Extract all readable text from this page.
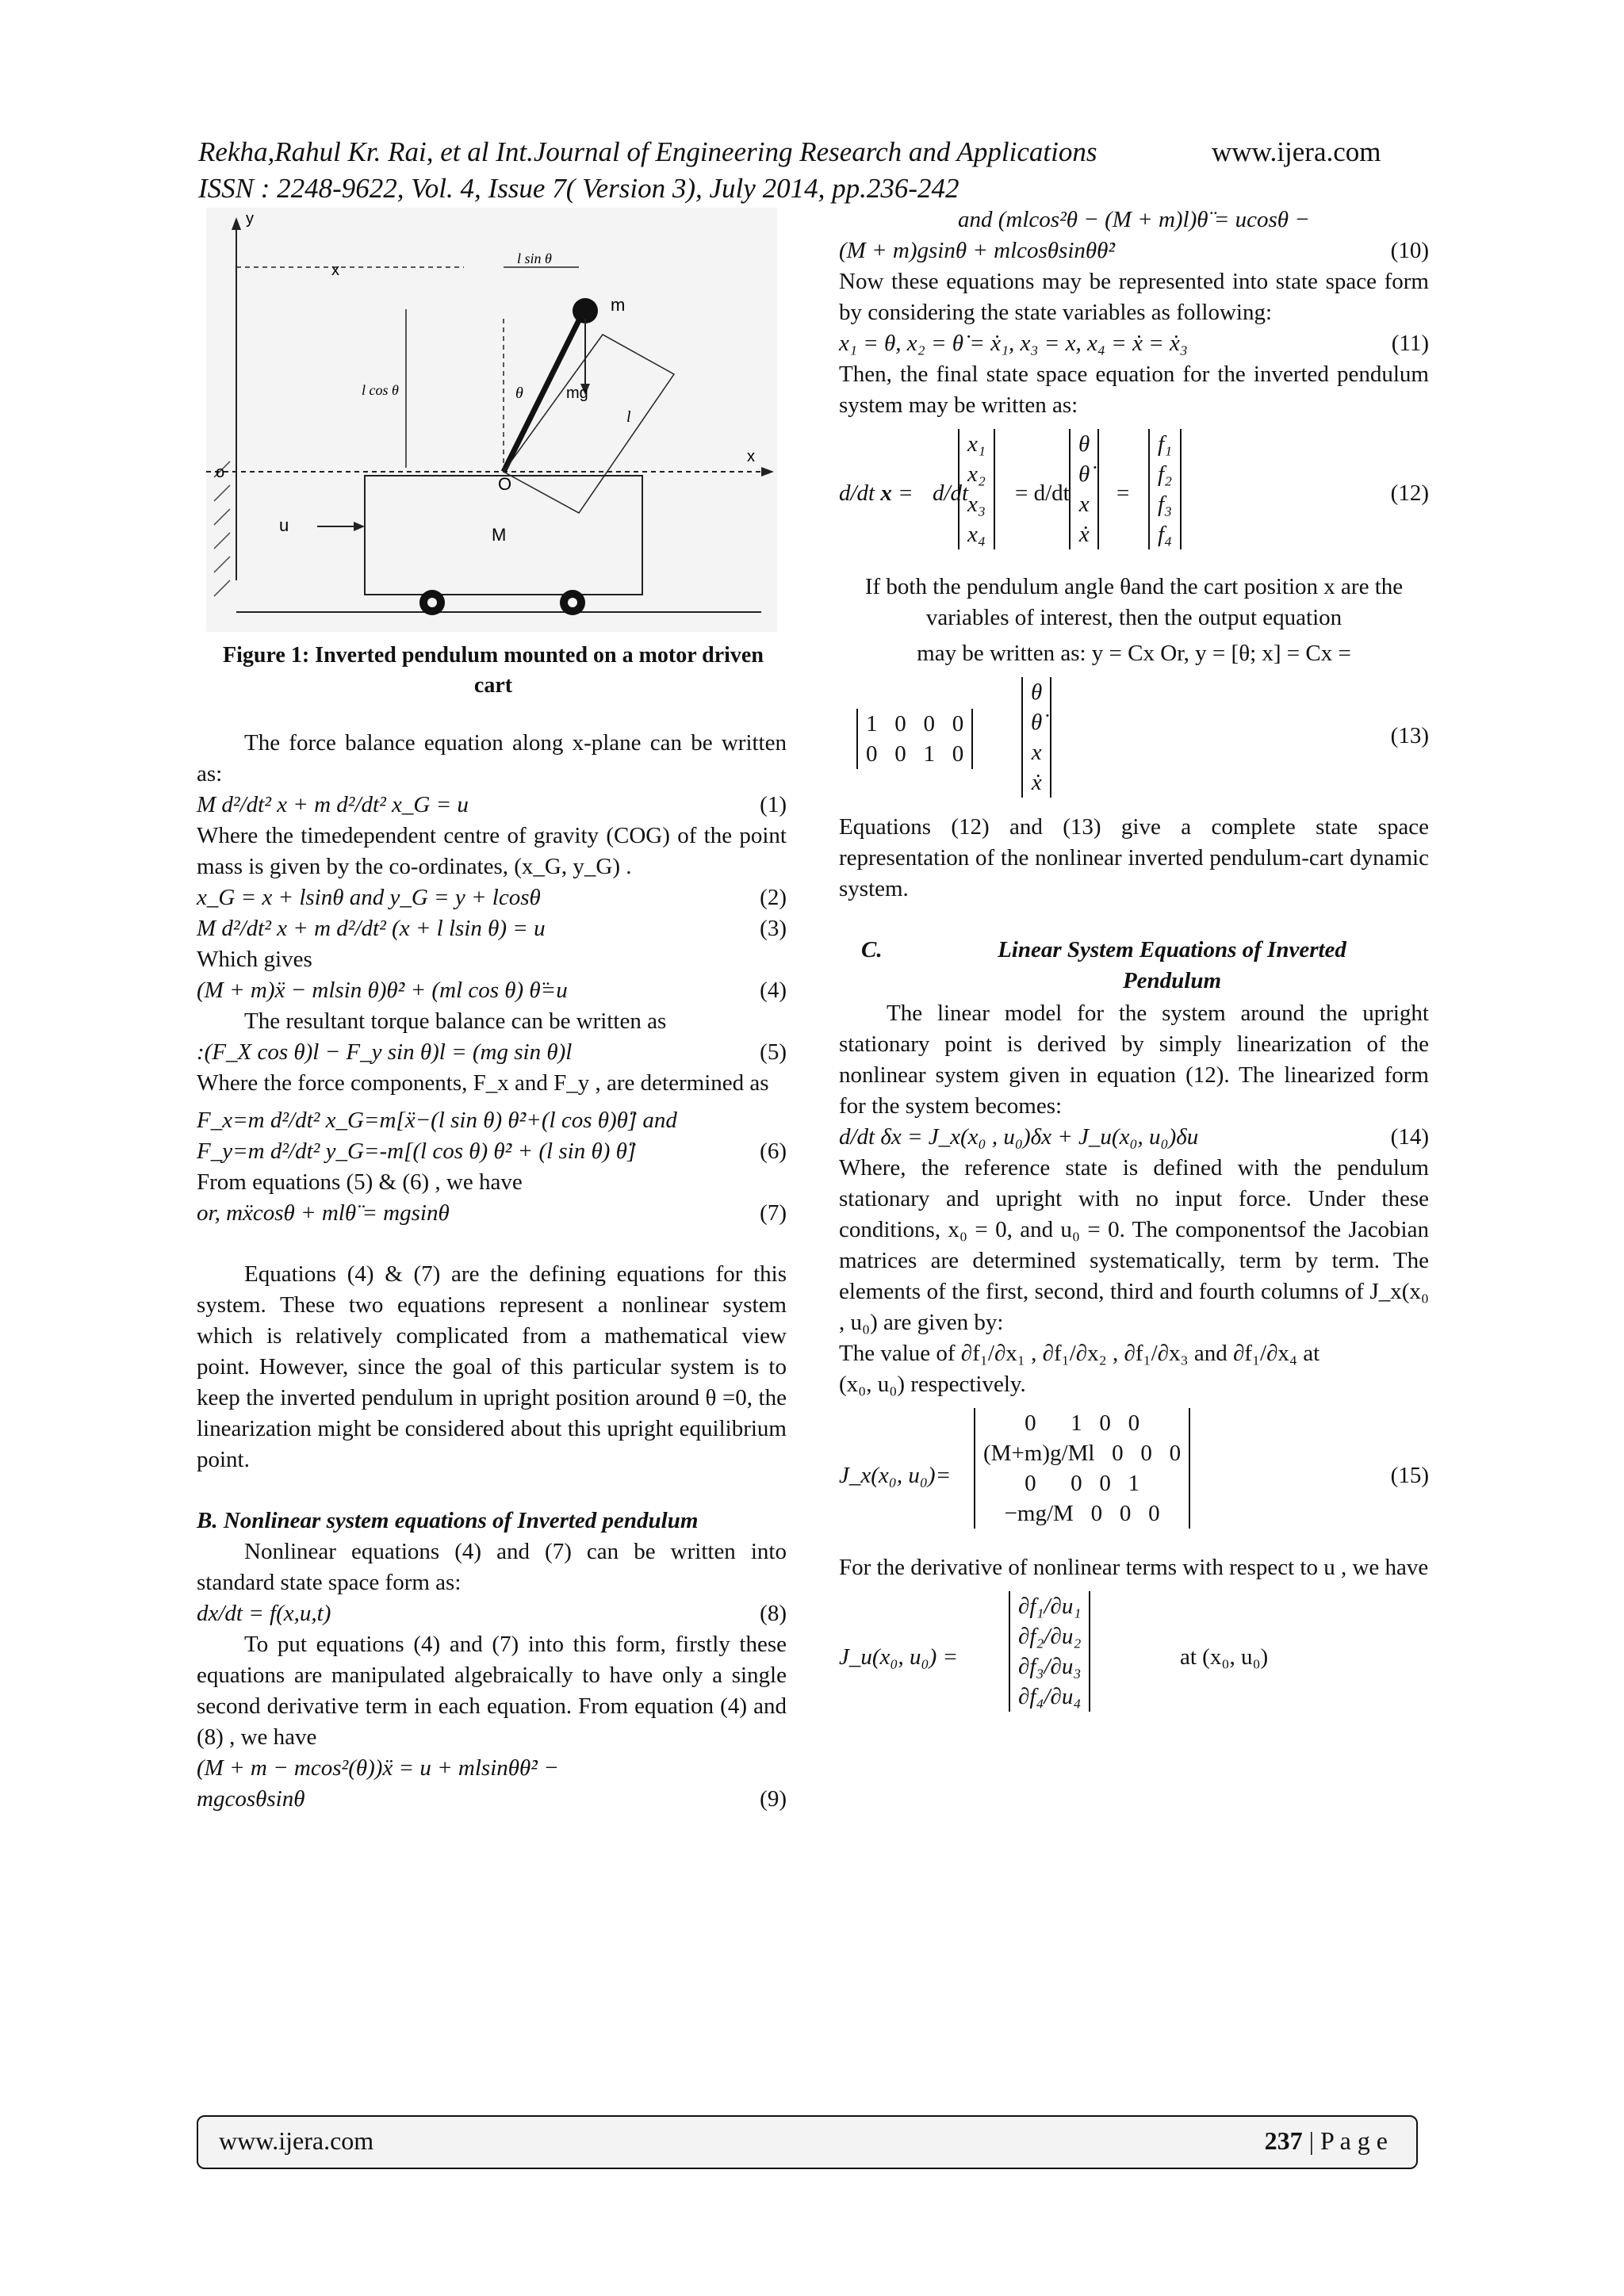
Rekha,Rahul Kr. Rai, et al Int.Journal of Engineering Research and Applications	www.ijera.com
ISSN : 2248-9622, Vol. 4, Issue 7( Version 3), July 2014, pp.236-242
x
y
x
l sin θ
m
l cos θ	θ	mg
l
O
o
u	M
Figure 1: Inverted pendulum mounted on a motor driven cart

The force balance equation along x-plane can be written as:

M d²/dt² x + m d²/dt² x_G = u	(1)

Where the timedependent centre of gravity (COG) of the point mass is given by the co-ordinates, (x_G, y_G) .

x_G = x + lsinθ and y_G = y + lcosθ	(2)
M d²/dt² x + m d²/dt² (x + l lsin θ) = u	(3)

Which gives

(M + m)ẍ − mlsin θ)θ̇² + (ml cos θ) θ̈=u	(4)

The resultant torque balance can be written as

:(F_X cos θ)l − F_y sin θ)l = (mg sin θ)l	(5)

Where the force components, F_x and F_y , are determined as

F_x=m d²/dt² x_G=m[ẍ−(l sin θ) θ̇²+(l cos θ)θ̈] and
F_y=m d²/dt² y_G=-m[(l cos θ) θ̇² + (l sin θ) θ̈]	(6)

From equations (5) & (6) , we have

or, mẍcosθ + mlθ̈ = mgsinθ	(7)

Equations (4) & (7) are the defining equations for this system. These two equations represent a nonlinear system which is relatively complicated from a mathematical view point. However, since the goal of this particular system is to keep the inverted pendulum in upright position around θ =0, the linearization might be considered about this upright equilibrium point.

B. Nonlinear system equations of Inverted pendulum

Nonlinear equations (4) and (7) can be written into standard state space form as:

dx/dt = f(x,u,t)	(8)

To put equations (4) and (7) into this form, firstly these equations are manipulated algebraically to have only a single second derivative term in each equation. From equation (4) and (8) , we have

(M + m − mcos²(θ))ẍ = u + mlsinθθ̇² −
mgcosθsinθ	(9)
and (mlcos²θ − (M + m)l)θ̈ = ucosθ −
(M + m)gsinθ + mlcosθsinθθ̇²	(10)

Now these equations may be represented into state space form by considering the state variables as following:

x₁ = θ, x₂ = θ̇ = ẋ₁, x₃ = x, x₄ = ẋ = ẋ₃	(11)

Then, the final state space equation for the inverted pendulum system may be written as:

d/dt x = d/dt
x₁
x₂
x₃
x₄
= d/dt
θ
θ̇
x
ẋ
=
f₁
f₂
f₃
f₄
(12)

If both the pendulum angle θand the cart position x are the variables of interest, then the output equation

may be written as: y = Cx Or, y = [θ; x] = Cx =

1   0   0   0
0   0   1   0
θ
θ̇
x
ẋ
(13)

Equations (12) and (13) give a complete state space representation of the nonlinear inverted pendulum-cart dynamic system.

C.	Linear System Equations of Inverted Pendulum

The linear model for the system around the upright stationary point is derived by simply linearization of the nonlinear system given in equation (12). The linearized form for the system becomes:

d/dt δx = J_x(x₀ , u₀)δx + J_u(x₀, u₀)δu	(14)

Where, the reference state is defined with the pendulum stationary and upright with no input force. Under these conditions, x₀ = 0, and u₀ = 0. The componentsof the Jacobian matrices are determined systematically, term by term. The elements of the first, second, third and fourth columns of J_x(x₀ , u₀) are given by:

The value of ∂f₁/∂x₁ , ∂f₁/∂x₂ , ∂f₁/∂x₃ and ∂f₁/∂x₄ at

(x₀, u₀) respectively.

J_x(x₀, u₀)=
0      1   0   0
(M+m)g/Ml   0   0   0
0      0   0   1
−mg/M   0   0   0
(15)

For the derivative of nonlinear terms with respect to u , we have

J_u(x₀, u₀) =
∂f₁/∂u₁
∂f₂/∂u₂
∂f₃/∂u₃
∂f₄/∂u₄
at (x₀, u₀)
www.ijera.com	237 | P a g e
